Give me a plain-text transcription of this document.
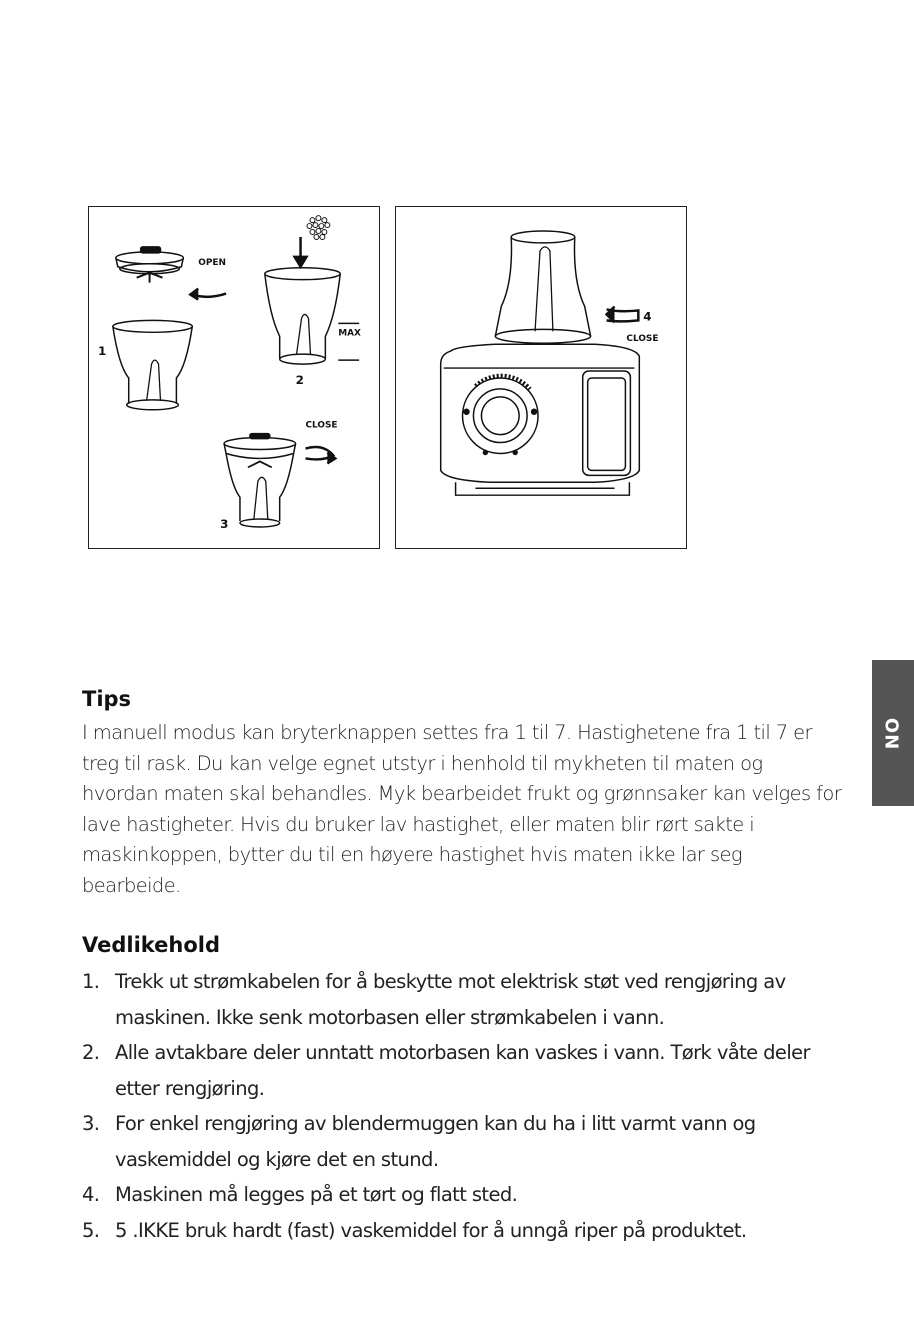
OPEN
1
MAX
2
CLOSE
3
4
CLOSE
NO
Tips

I manuell modus kan bryterknappen settes fra 1 til 7. Hastighetene fra 1 til 7 er treg til rask. Du kan velge egnet utstyr i henhold til mykheten til maten og hvordan maten skal behandles. Myk bearbeidet frukt og grønnsaker kan velges for lave hastigheter. Hvis du bruker lav hastighet, eller maten blir rørt sakte i maskinkoppen, bytter du til en høyere hastighet hvis maten ikke lar seg bearbeide.

Vedlikehold
1. Trekk ut strømkabelen for å beskytte mot elektrisk støt ved rengjøring av maskinen. Ikke senk motorbasen eller strømkabelen i vann.
2. Alle avtakbare deler unntatt motorbasen kan vaskes i vann. Tørk våte deler etter rengjøring.
3. For enkel rengjøring av blendermuggen kan du ha i litt varmt vann og vaskemiddel og kjøre det en stund.
4. Maskinen må legges på et tørt og flatt sted.
5. 5 .IKKE bruk hardt (fast) vaskemiddel for å unngå riper på produktet.
